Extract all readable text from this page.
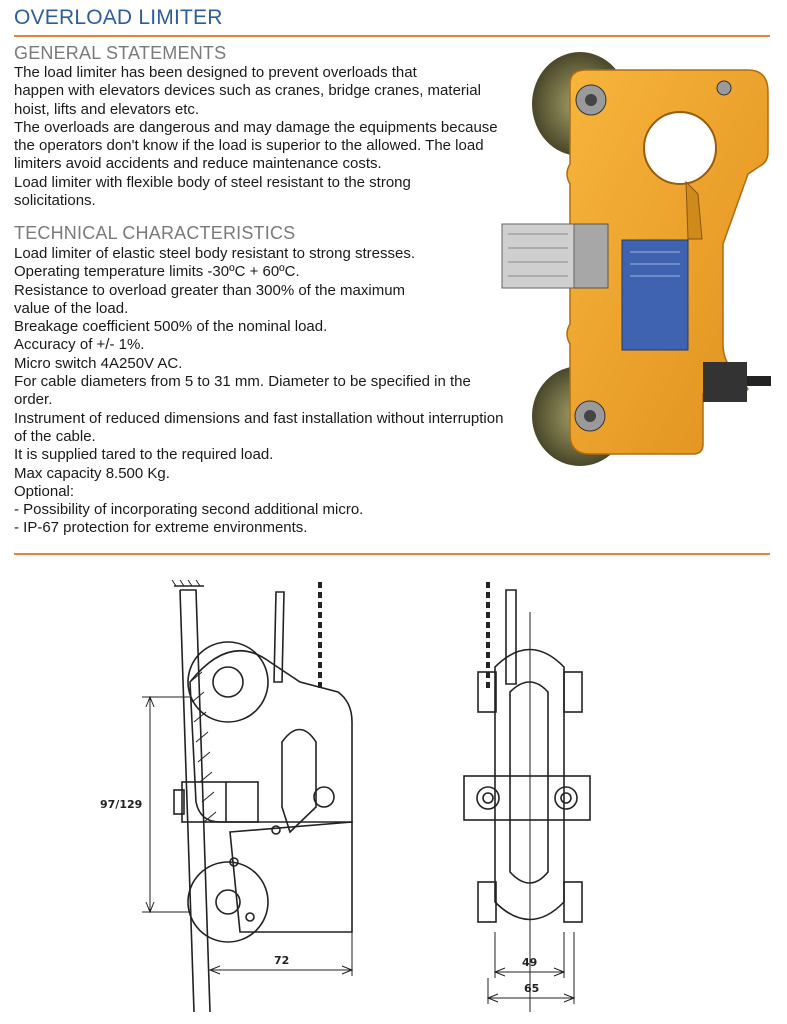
OVERLOAD LIMITER
GENERAL STATEMENTS
The load limiter has been designed to prevent overloads that
happen with elevators devices such as cranes, bridge cranes, material
hoist, lifts and elevators etc.
The overloads are dangerous and may damage the equipments because
the operators don't know if the load is superior to the allowed. The load
limiters avoid accidents and reduce maintenance costs.
Load limiter with flexible body of steel resistant to the strong
solicitations.
TECHNICAL CHARACTERISTICS
Load limiter of elastic steel body resistant to strong stresses.
Operating temperature limits -30ºC + 60ºC.
Resistance to overload greater than 300% of the maximum
value of the load.
Breakage coefficient 500% of the nominal load.
Accuracy of +/- 1%.
Micro switch 4A250V AC.
For cable diameters from 5 to 31 mm. Diameter to be specified in the
order.
Instrument of reduced dimensions and fast installation without interruption
of the cable.
It is supplied tared to the required load.
Max capacity 8.500 Kg.
Optional:
- Possibility of incorporating second additional micro.
- IP-67 protection for extreme environments.
97/129
72	49
65
